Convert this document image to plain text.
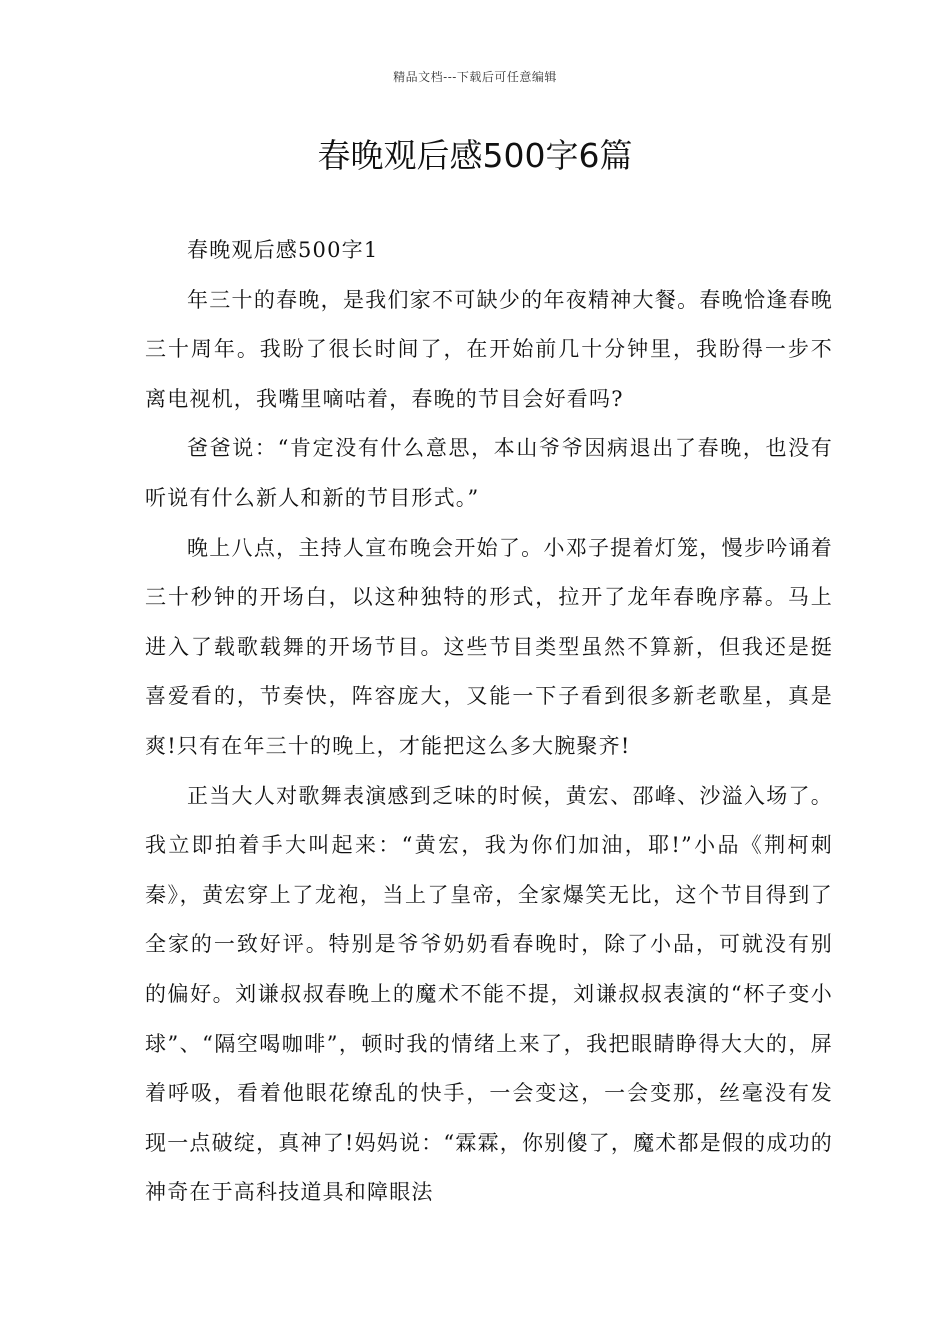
精品文档---下载后可任意编辑
春晚观后感500字6篇

春晚观后感500字1

年三十的春晚，是我们家不可缺少的年夜精神大餐。春晚恰逢春晚三十周年。我盼了很长时间了，在开始前几十分钟里，我盼得一步不离电视机，我嘴里嘀咕着，春晚的节目会好看吗?

爸爸说：“肯定没有什么意思，本山爷爷因病退出了春晚，也没有听说有什么新人和新的节目形式。”

晚上八点，主持人宣布晚会开始了。小邓子提着灯笼，慢步吟诵着三十秒钟的开场白，以这种独特的形式，拉开了龙年春晚序幕。马上进入了载歌载舞的开场节目。这些节目类型虽然不算新，但我还是挺喜爱看的，节奏快，阵容庞大，又能一下子看到很多新老歌星，真是爽!只有在年三十的晚上，才能把这么多大腕聚齐!

正当大人对歌舞表演感到乏味的时候，黄宏、邵峰、沙溢入场了。我立即拍着手大叫起来：“黄宏，我为你们加油，耶!”小品《荆柯刺秦》，黄宏穿上了龙袍，当上了皇帝，全家爆笑无比，这个节目得到了全家的一致好评。特别是爷爷奶奶看春晚时，除了小品，可就没有别的偏好。刘谦叔叔春晚上的魔术不能不提，刘谦叔叔表演的“杯子变小球”、“隔空喝咖啡”，顿时我的情绪上来了，我把眼睛睁得大大的，屏着呼吸，看着他眼花缭乱的快手，一会变这，一会变那，丝毫没有发现一点破绽，真神了!妈妈说：“霖霖，你别傻了，魔术都是假的成功的神奇在于高科技道具和障眼法
